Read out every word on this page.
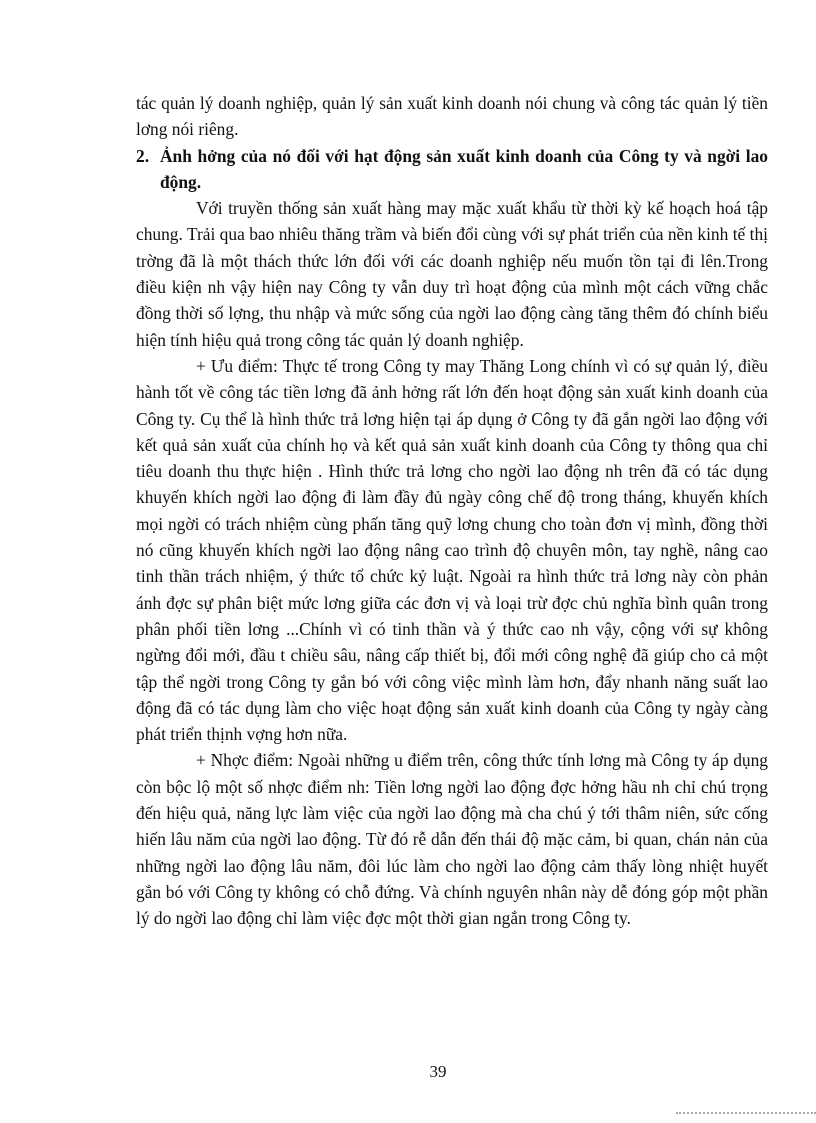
tác quản lý doanh nghiệp, quản lý sản xuất kinh doanh nói chung và công tác quản lý tiền lơng nói riêng.

2. Ảnh hởng của nó đối với hạt động sản xuất kinh doanh của Công ty và ngời lao động.

Với truyền thống sản xuất hàng may mặc xuất khẩu từ thời kỳ kế hoạch hoá tập chung. Trải qua bao nhiêu thăng trầm và biến đổi cùng với sự phát triển của nền kinh tế thị trờng đã là một thách thức lớn đối với các doanh nghiệp nếu muốn tồn tại đi lên.Trong điều kiện nh vậy hiện nay Công ty vẫn duy trì hoạt động của mình một cách vững chắc đồng thời số lợng, thu nhập và mức sống của ngời lao động càng tăng thêm đó chính biểu hiện tính hiệu quả trong công tác quản lý doanh nghiệp.

+ Ưu điểm: Thực tế trong Công ty may Thăng Long chính vì có sự quản lý, điều hành tốt về công tác tiền lơng đã ảnh hởng rất lớn đến hoạt động sản xuất kinh doanh của Công ty. Cụ thể là hình thức trả lơng hiện tại áp dụng ở Công ty đã gắn ngời lao động với kết quả sản xuất của chính họ và kết quả sản xuất kinh doanh của Công ty thông qua chỉ tiêu doanh thu thực hiện . Hình thức trả lơng cho ngời lao động nh trên đã có tác dụng khuyến khích ngời lao động đi làm đầy đủ ngày công chế độ trong tháng, khuyến khích mọi ngời có trách nhiệm cùng phấn tăng quỹ lơng chung cho toàn đơn vị mình, đồng thời nó cũng khuyến khích ngời lao động nâng cao trình độ chuyên môn, tay nghề, nâng cao tinh thần trách nhiệm, ý thức tổ chức kỷ luật. Ngoài ra hình thức trả lơng này còn phản ánh đợc sự phân biệt mức lơng giữa các đơn vị và loại trừ đợc chủ nghĩa bình quân trong phân phối tiền lơng ...Chính vì có tinh thần và ý thức cao nh vậy, cộng với sự không ngừng đổi mới, đầu t chiều sâu, nâng cấp thiết bị, đổi mới công nghệ đã giúp cho cả một tập thể ngời trong Công ty gắn bó với công việc mình làm hơn, đẩy nhanh năng suất lao động đã có tác dụng làm cho việc hoạt động sản xuất kinh doanh của Công ty ngày càng phát triển thịnh vợng hơn nữa.

+ Nhợc điểm: Ngoài những u điểm trên, công thức tính lơng mà Công ty áp dụng còn bộc lộ một số nhợc điểm nh: Tiền lơng ngời lao động đợc hởng hầu nh chỉ chú trọng đến hiệu quả, năng lực làm việc của ngời lao động mà cha chú ý tới thâm niên, sức cống hiến lâu năm của ngời lao động. Từ đó rễ dẫn đến thái độ mặc cảm, bi quan, chán nản của những ngời lao động lâu năm, đôi lúc làm cho ngời lao động cảm thấy lòng nhiệt huyết gắn bó với Công ty không có chỗ đứng. Và chính nguyên nhân này dễ đóng góp một phần lý do ngời lao động chỉ làm việc đợc một thời gian ngắn trong Công ty.

39
